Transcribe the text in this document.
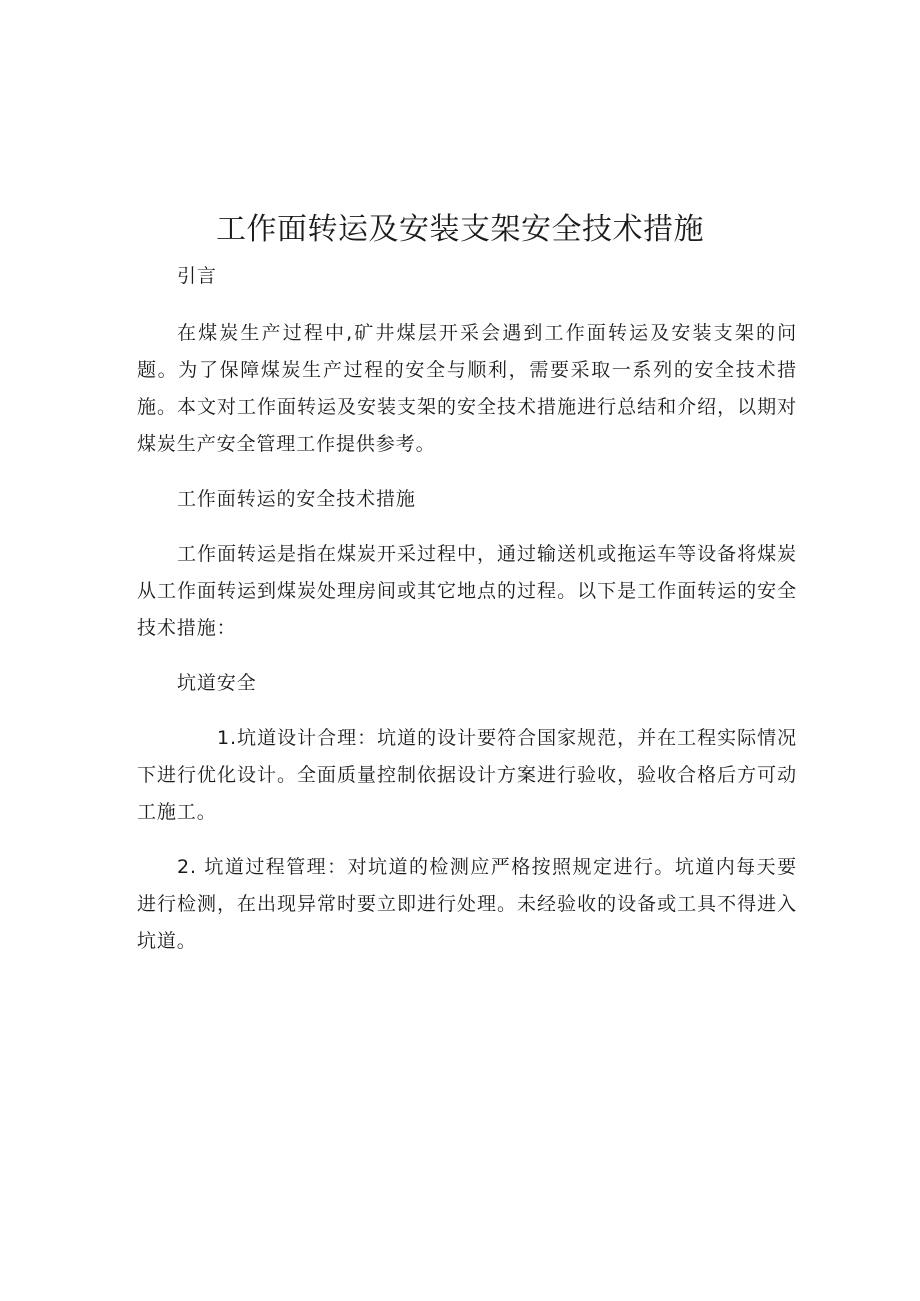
工作面转运及安装支架安全技术措施

引言

在煤炭生产过程中,矿井煤层开采会遇到工作面转运及安装支架的问题。为了保障煤炭生产过程的安全与顺利，需要采取一系列的安全技术措施。本文对工作面转运及安装支架的安全技术措施进行总结和介绍，以期对煤炭生产安全管理工作提供参考。

工作面转运的安全技术措施

工作面转运是指在煤炭开采过程中，通过输送机或拖运车等设备将煤炭从工作面转运到煤炭处理房间或其它地点的过程。以下是工作面转运的安全技术措施：

坑道安全

1.坑道设计合理：坑道的设计要符合国家规范，并在工程实际情况下进行优化设计。全面质量控制依据设计方案进行验收，验收合格后方可动工施工。

2. 坑道过程管理：对坑道的检测应严格按照规定进行。坑道内每天要进行检测，在出现异常时要立即进行处理。未经验收的设备或工具不得进入坑道。
